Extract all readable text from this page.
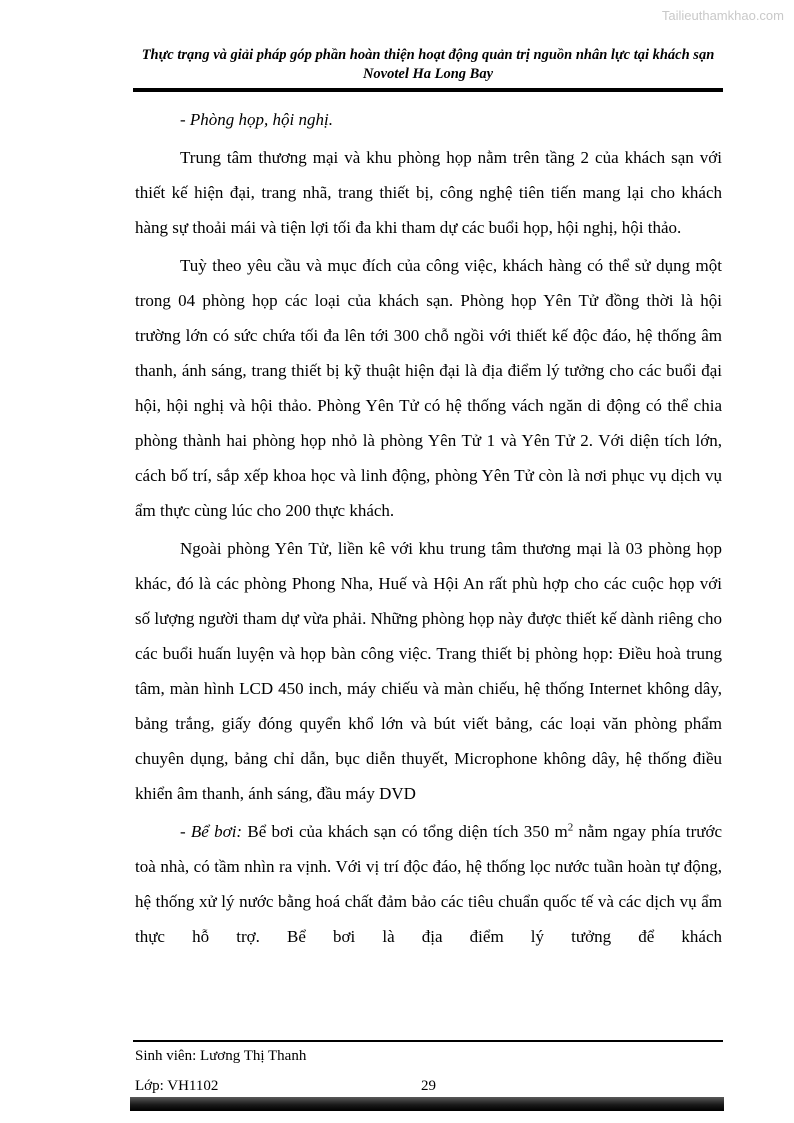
Tailieuthamkhao.com
Thực trạng và giải pháp góp phần hoàn thiện hoạt động quản trị nguồn nhân lực tại khách sạn
Novotel Ha Long Bay

- Phòng họp, hội nghị.

Trung tâm thương mại và khu phòng họp nằm trên tầng 2 của khách sạn với thiết kế hiện đại, trang nhã, trang thiết bị, công nghệ tiên tiến mang lại cho khách hàng sự thoải mái và tiện lợi tối đa khi tham dự các buổi họp, hội nghị, hội thảo.

Tuỳ theo yêu cầu và mục đích của công việc, khách hàng có thể sử dụng một trong 04 phòng họp các loại của khách sạn. Phòng họp Yên Tử đồng thời là hội trường lớn có sức chứa tối đa lên tới 300 chỗ ngồi với thiết kế độc đáo, hệ thống âm thanh, ánh sáng, trang thiết bị kỹ thuật hiện đại là địa điểm lý tưởng cho các buổi đại hội, hội nghị và hội thảo. Phòng Yên Tử có hệ thống vách ngăn di động có thể chia phòng thành hai phòng họp nhỏ là phòng Yên Tử 1 và Yên Tử 2. Với diện tích lớn, cách bố trí, sắp xếp khoa học và linh động, phòng Yên Tử còn là nơi phục vụ dịch vụ ẩm thực cùng lúc cho 200 thực khách.

Ngoài phòng Yên Tử, liền kê với khu trung tâm thương mại là 03 phòng họp khác, đó là các phòng Phong Nha, Huế và Hội An rất phù hợp cho các cuộc họp với số lượng người tham dự vừa phải. Những phòng họp này được thiết kế dành riêng cho các buổi huấn luyện và họp bàn công việc. Trang thiết bị phòng họp: Điều hoà trung tâm, màn hình LCD 450 inch, máy chiếu và màn chiếu, hệ thống Internet không dây, bảng trắng, giấy đóng quyển khổ lớn và bút viết bảng, các loại văn phòng phẩm chuyên dụng, bảng chỉ dẫn, bục diễn thuyết, Microphone không dây, hệ thống điều khiển âm thanh, ánh sáng, đầu máy DVD

- Bể bơi: Bể bơi của khách sạn có tổng diện tích 350 $m^2$ nằm ngay phía trước toà nhà, có tầm nhìn ra vịnh. Với vị trí độc đáo, hệ thống lọc nước tuần hoàn tự động, hệ thống xử lý nước bằng hoá chất đảm bảo các tiêu chuẩn quốc tế và các dịch vụ ẩm thực hỗ trợ. Bể bơi là địa điểm lý tưởng để khách

Sinh viên: Lương Thị Thanh
Lớp: VH1102	29
